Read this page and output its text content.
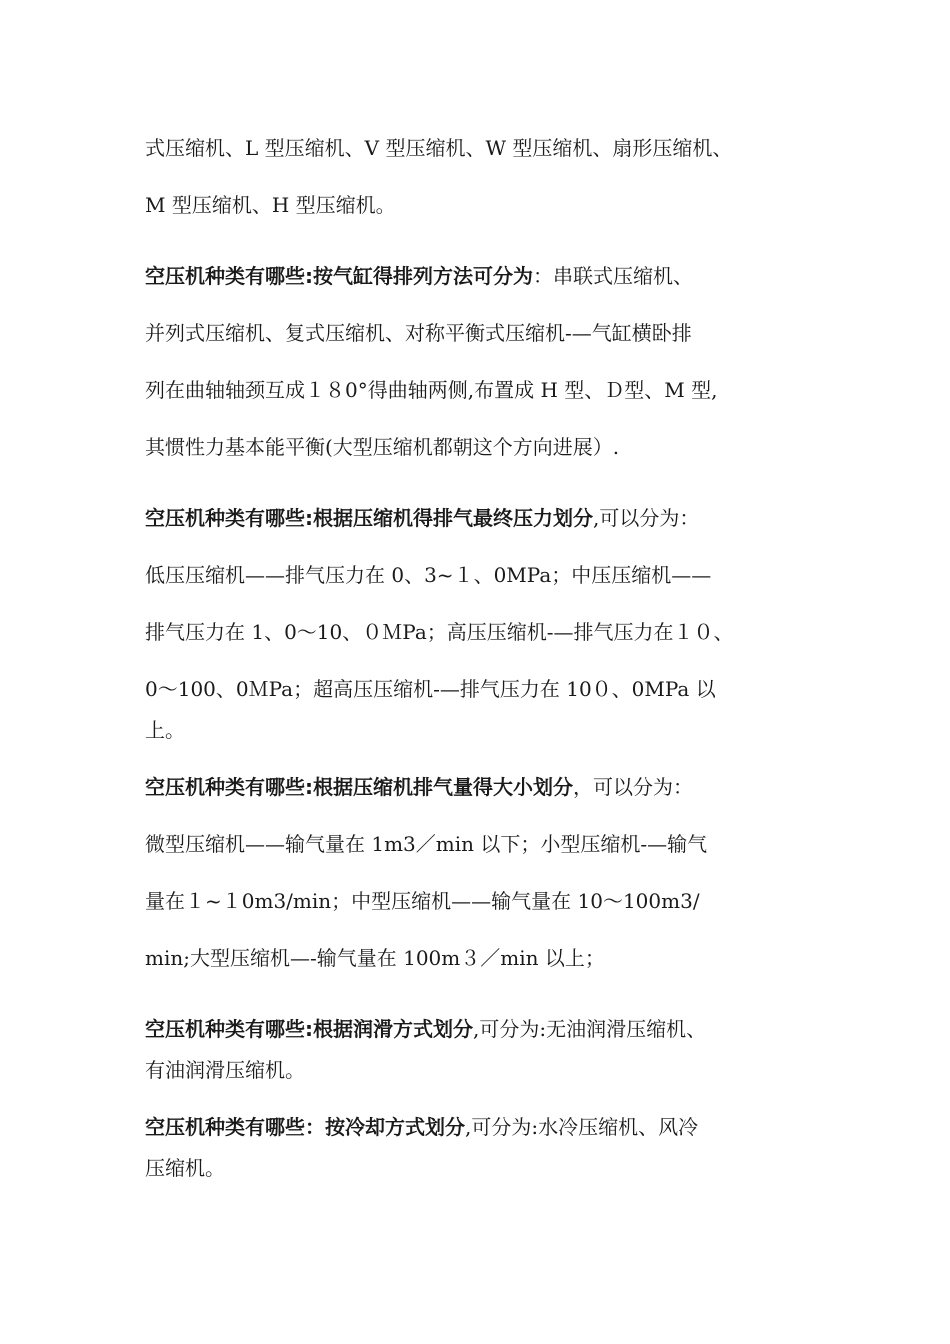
式压缩机、L 型压缩机、V 型压缩机、W 型压缩机、扇形压缩机、
M 型压缩机、H 型压缩机。
空压机种类有哪些:按气缸得排列方法可分为：串联式压缩机、
并列式压缩机、复式压缩机、对称平衡式压缩机-—气缸横卧排
列在曲轴轴颈互成１８0°得曲轴两侧,布置成 H 型、Ｄ型、M 型,
其惯性力基本能平衡(大型压缩机都朝这个方向进展）.
空压机种类有哪些:根据压缩机得排气最终压力划分,可以分为：
低压压缩机——排气压力在 0、3~１、0MPa；中压压缩机——
排气压力在 1、0～10、０ＭPa；高压压缩机-—排气压力在１０、
0～100、0ＭPa；超高压压缩机-—排气压力在 10０、0MPa 以
上。
空压机种类有哪些:根据压缩机排气量得大小划分，可以分为：
微型压缩机——输气量在 1m3／min 以下；小型压缩机-—输气
量在１~１0m3/min；中型压缩机——输气量在 10～100m3/
min;大型压缩机—-输气量在 100m３／min 以上；
空压机种类有哪些:根据润滑方式划分,可分为:无油润滑压缩机、
有油润滑压缩机。
空压机种类有哪些：按冷却方式划分,可分为:水冷压缩机、风冷
压缩机。
